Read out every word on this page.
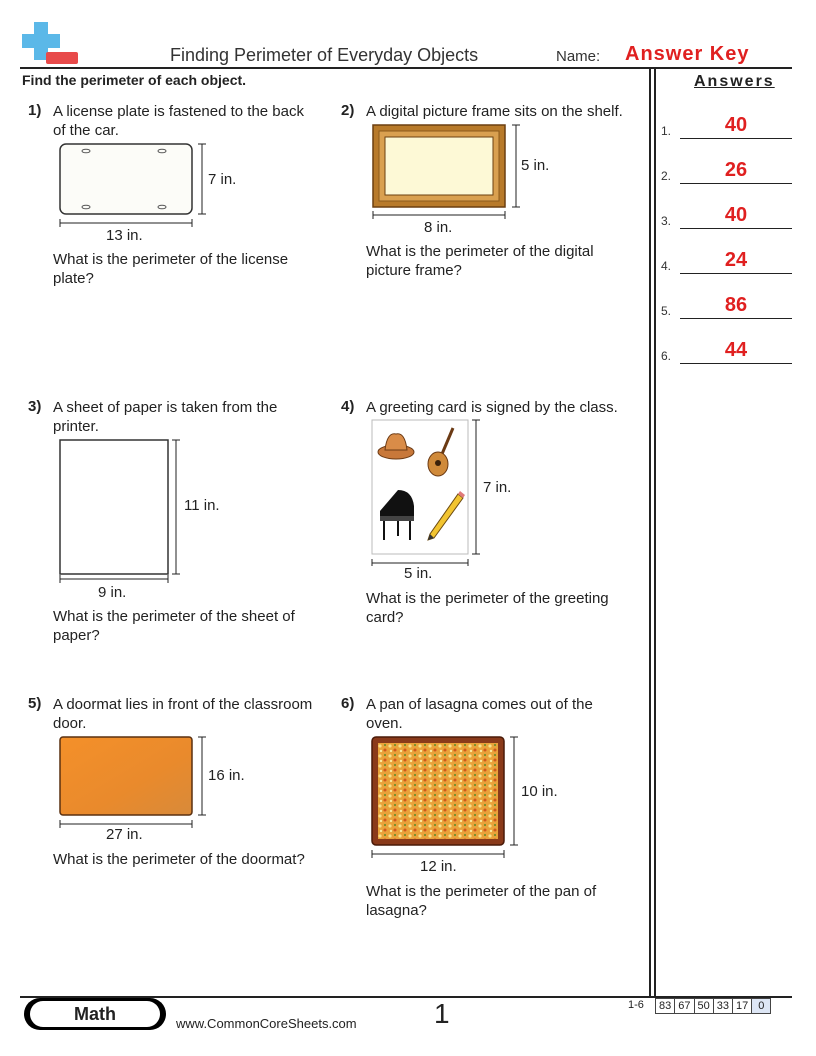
Finding Perimeter of Everyday Objects	Name: Answer Key
Find the perimeter of each object.	Answers
1) A license plate is fastened to the back
of the car.
7 in.
13 in.
What is the perimeter of the license
plate?
2) A digital picture frame sits on the shelf.
5 in.
8 in.
What is the perimeter of the digital
picture frame?
3) A sheet of paper is taken from the
printer.
11 in.
9 in.
What is the perimeter of the sheet of
paper?
4) A greeting card is signed by the class.
7 in.
5 in.
What is the perimeter of the greeting
card?
5) A doormat lies in front of the classroom
door.
16 in.
27 in.
What is the perimeter of the doormat?
6) A pan of lasagna comes out of the
oven.
10 in.
12 in.
What is the perimeter of the pan of
lasagna?
1.	40
2.	26
3.	40
4.	24
5.	86
6.	44
Math	www.CommonCoreSheets.com	1	1-6	83 67 50 33 17 0
